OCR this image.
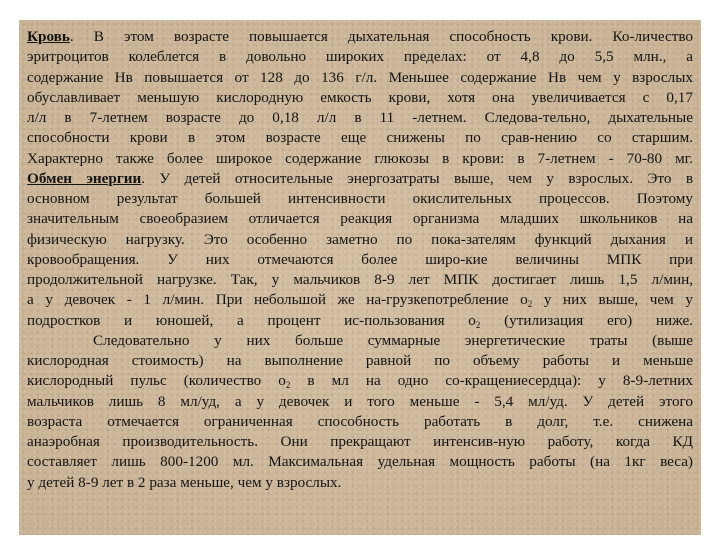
Кровь. В этом возрасте повышается дыхательная способность крови. Ко-личество
эритроцитов колеблется в довольно широких пределах: от 4,8 до 5,5 млн., а
содержание Нв повышается от 128 до 136 г/л. Меньшее содержание Нв чем у взрослых
обуславливает меньшую кислородную емкость крови, хотя она увеличивается с 0,17
л/л в 7-летнем возрасте до 0,18 л/л в 11 -летнем. Следова-тельно, дыхательные
способности крови в этом возрасте еще снижены по срав-нению со старшим.
Характерно также более широкое содержание глюкозы в крови: в 7-летнем - 70-80 мг.
Обмен энергии. У детей относительные энергозатраты выше, чем у взрослых. Это в
основном результат большей интенсивности окислительных процессов. Поэтому
значительным своеобразием отличается реакция организма младших школьников на
физическую нагрузку. Это особенно заметно по пока-зателям функций дыхания и
кровообращения. У них отмечаются более широ-кие величины МПК при
продолжительной нагрузке. Так, у мальчиков 8-9 лет МПК достигает лишь 1,5 л/мин,
а у девочек - 1 л/мин. При небольшой же на-грузкепотребление $о_2$ у них выше, чем у
подростков и юношей, а процент ис-пользования $о_2$ (утилизация его) ниже.
Следовательно у них больше суммарные энергетические траты (выше
кислородная стоимость) на выполнение равной по объему работы и меньше
кислородный пульс (количество $о_2$ в мл на одно со-кращениесердца): у 8-9-летних
мальчиков лишь 8 мл/уд, а у девочек и того меньше - 5,4 мл/уд. У детей этого
возраста отмечается ограниченная способность работать в долг, т.е. снижена
анаэробная производительность. Они прекращают интенсив-ную работу, когда КД
составляет лишь 800-1200 мл. Максимальная удельная мощность работы (на 1кг веса)
у детей 8-9 лет в 2 раза меньше, чем у взрослых.
